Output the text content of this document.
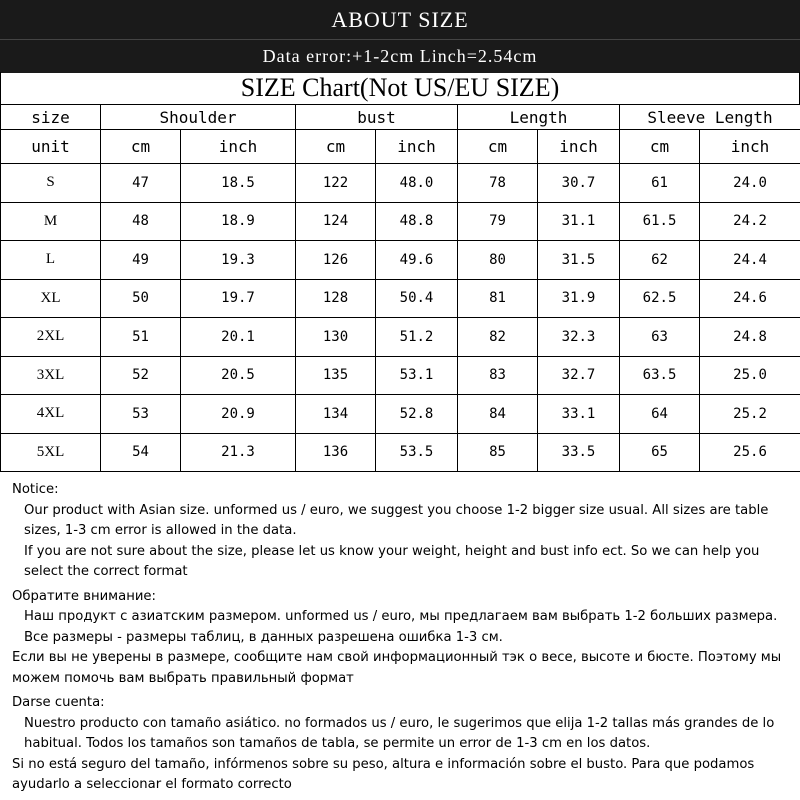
ABOUT SIZE
Data error:+1-2cm Linch=2.54cm
SIZE Chart(Not US/EU SIZE)
size	Shoulder		bust		Length		Sleeve Length	
unit	cm	inch	cm	inch	cm	inch	cm	inch
S	47	18.5	122	48.0	78	30.7	61	24.0
M	48	18.9	124	48.8	79	31.1	61.5	24.2
L	49	19.3	126	49.6	80	31.5	62	24.4
XL	50	19.7	128	50.4	81	31.9	62.5	24.6
2XL	51	20.1	130	51.2	82	32.3	63	24.8
3XL	52	20.5	135	53.1	83	32.7	63.5	25.0
4XL	53	20.9	134	52.8	84	33.1	64	25.2
5XL	54	21.3	136	53.5	85	33.5	65	25.6

Notice:

Our product with Asian size. unformed us / euro, we suggest you choose 1-2 bigger size usual. All sizes are table sizes, 1-3 cm error is allowed in the data.

If you are not sure about the size, please let us know your weight, height and bust info ect. So we can help you select the correct format

Обратите внимание:

Наш продукт с азиатским размером. unformed us / euro, мы предлагаем вам выбрать 1-2 больших размера. Все размеры - размеры таблиц, в данных разрешена ошибка 1-3 см.

Если вы не уверены в размере, сообщите нам свой информационный тэк о весе, высоте и бюсте. Поэтому мы можем помочь вам выбрать правильный формат

Darse cuenta:

Nuestro producto con tamaño asiático. no formados us / euro, le sugerimos que elija 1-2 tallas más grandes de lo habitual. Todos los tamaños son tamaños de tabla, se permite un error de 1-3 cm en los datos.

Si no está seguro del tamaño, infórmenos sobre su peso, altura e información sobre el busto. Para que podamos ayudarlo a seleccionar el formato correcto
